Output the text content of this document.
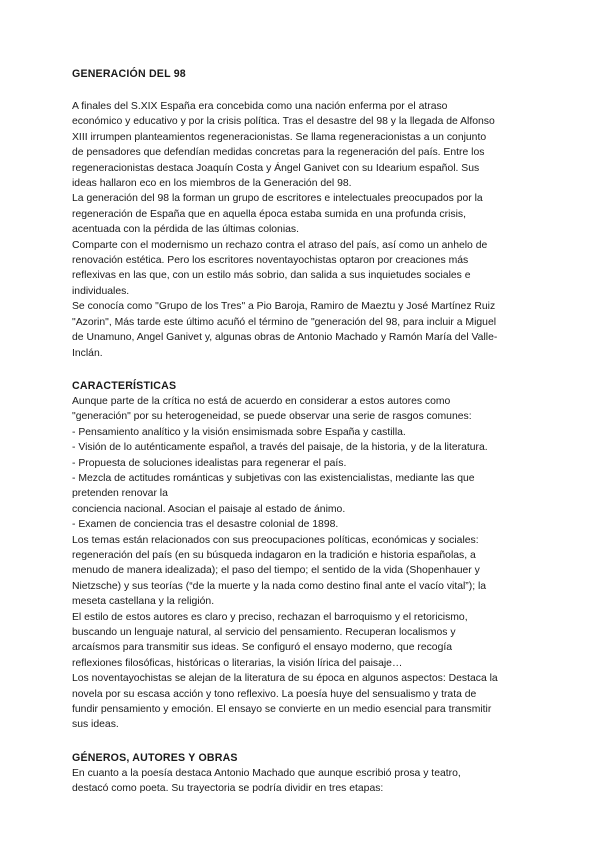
GENERACIÓN DEL 98

A finales del S.XIX España era concebida como una nación enferma por el atraso
económico y educativo y por la crisis política. Tras el desastre del 98 y la llegada de Alfonso
XIII irrumpen planteamientos regeneracionistas. Se llama regeneracionistas a un conjunto
de pensadores que defendían medidas concretas para la regeneración del país. Entre los
regeneracionistas destaca Joaquín Costa y Ángel Ganivet con su Idearium español. Sus
ideas hallaron eco en los miembros de la Generación del 98.

La generación del 98 la forman un grupo de escritores e intelectuales preocupados por la
regeneración de España que en aquella época estaba sumida en una profunda crisis,
acentuada con la pérdida de las últimas colonias.

Comparte con el modernismo un rechazo contra el atraso del país, así como un anhelo de
renovación estética. Pero los escritores noventayochistas optaron por creaciones más
reflexivas en las que, con un estilo más sobrio, dan salida a sus inquietudes sociales e
individuales.

Se conocía como "Grupo de los Tres" a Pio Baroja, Ramiro de Maeztu y José Martínez Ruiz
"Azorin", Más tarde este último acuñó el término de "generación del 98, para incluir a Miguel
de Unamuno, Angel Ganivet y, algunas obras de Antonio Machado y Ramón María del Valle-
Inclán.

CARACTERÍSTICAS

Aunque parte de la crítica no está de acuerdo en considerar a estos autores como
"generación" por su heterogeneidad, se puede observar una serie de rasgos comunes:

- Pensamiento analítico y la visión ensimismada sobre España y castilla.

- Visión de lo auténticamente español, a través del paisaje, de la historia, y de la literatura.

- Propuesta de soluciones idealistas para regenerar el país.

- Mezcla de actitudes románticas y subjetivas con las existencialistas, mediante las que
pretenden renovar la

conciencia nacional. Asocian el paisaje al estado de ánimo.

- Examen de conciencia tras el desastre colonial de 1898.

Los temas están relacionados con sus preocupaciones políticas, económicas y sociales:
regeneración del país (en su búsqueda indagaron en la tradición e historia españolas, a
menudo de manera idealizada); el paso del tiempo; el sentido de la vida (Shopenhauer y
Nietzsche) y sus teorías (“de la muerte y la nada como destino final ante el vacío vital”); la
meseta castellana y la religión.

El estilo de estos autores es claro y preciso, rechazan el barroquismo y el retoricismo,
buscando un lenguaje natural, al servicio del pensamiento. Recuperan localismos y
arcaísmos para transmitir sus ideas. Se configuró el ensayo moderno, que recogía
reflexiones filosóficas, históricas o literarias, la visión lírica del paisaje…

Los noventayochistas se alejan de la literatura de su época en algunos aspectos: Destaca la
novela por su escasa acción y tono reflexivo. La poesía huye del sensualismo y trata de
fundir pensamiento y emoción. El ensayo se convierte en un medio esencial para transmitir
sus ideas.

GÉNEROS, AUTORES Y OBRAS

En cuanto a la poesía destaca Antonio Machado que aunque escribió prosa y teatro,
destacó como poeta. Su trayectoria se podría dividir en tres etapas:
